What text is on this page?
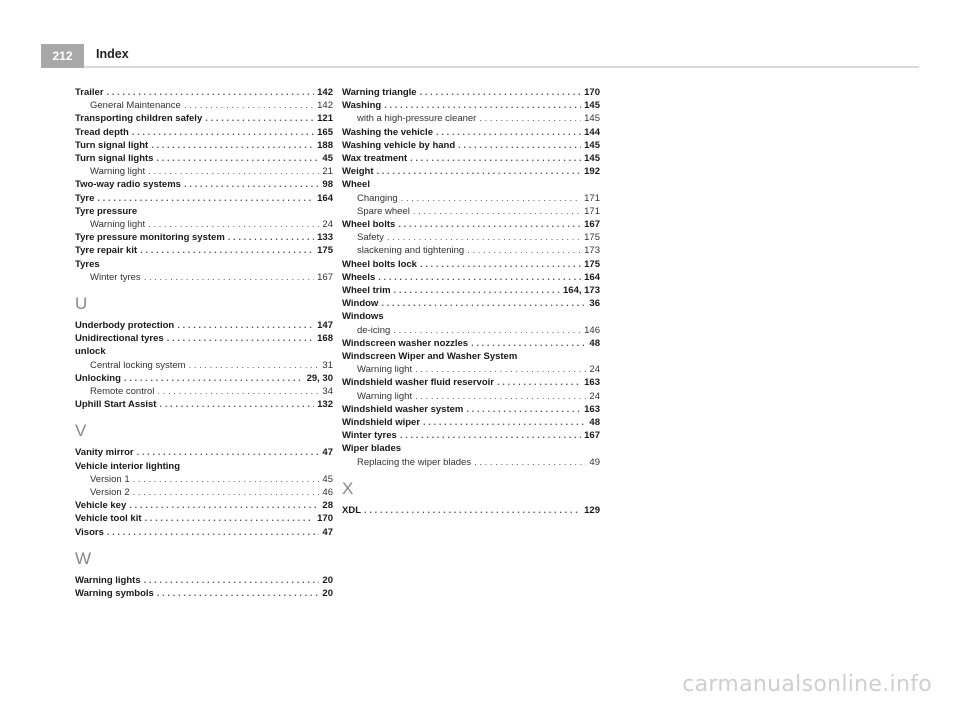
212	Index
Trailer . . .	142
General Maintenance . . .	142
Transporting children safely . . .	121
Tread depth . . .	165
Turn signal light . . .	188
Turn signal lights . . .	45
Warning light . . .	21
Two-way radio systems . . .	98
Tyre . . .	164
Tyre pressure
Warning light . . .	24
Tyre pressure monitoring system . . .	133
Tyre repair kit . . .	175
Tyres
Winter tyres . . .	167
U
Underbody protection . . .	147
Unidirectional tyres . . .	168
unlock
Central locking system . . .	31
Unlocking . . .	29, 30
Remote control . . .	34
Uphill Start Assist . . .	132
V
Vanity mirror . . .	47
Vehicle interior lighting
Version 1 . . .	45
Version 2 . . .	46
Vehicle key . . .	28
Vehicle tool kit . . .	170
Visors . . .	47
W
Warning lights . . .	20
Warning symbols . . .	20
Warning triangle . . .	170
Washing . . .	145
with a high-pressure cleaner . . .	145
Washing the vehicle . . .	144
Washing vehicle by hand . . .	145
Wax treatment . . .	145
Weight . . .	192
Wheel
Changing . . .	171
Spare wheel . . .	171
Wheel bolts . . .	167
Safety . . .	175
slackening and tightening . . .	173
Wheel bolts lock . . .	175
Wheels . . .	164
Wheel trim . . .	164, 173
Window . . .	36
Windows
de-icing . . .	146
Windscreen washer nozzles . . .	48
Windscreen Wiper and Washer System
Warning light . . .	24
Windshield washer fluid reservoir . . .	163
Warning light . . .	24
Windshield washer system . . .	163
Windshield wiper . . .	48
Winter tyres . . .	167
Wiper blades
Replacing the wiper blades . . .	49
X
XDL . . .	129
carmanualsonline.info
